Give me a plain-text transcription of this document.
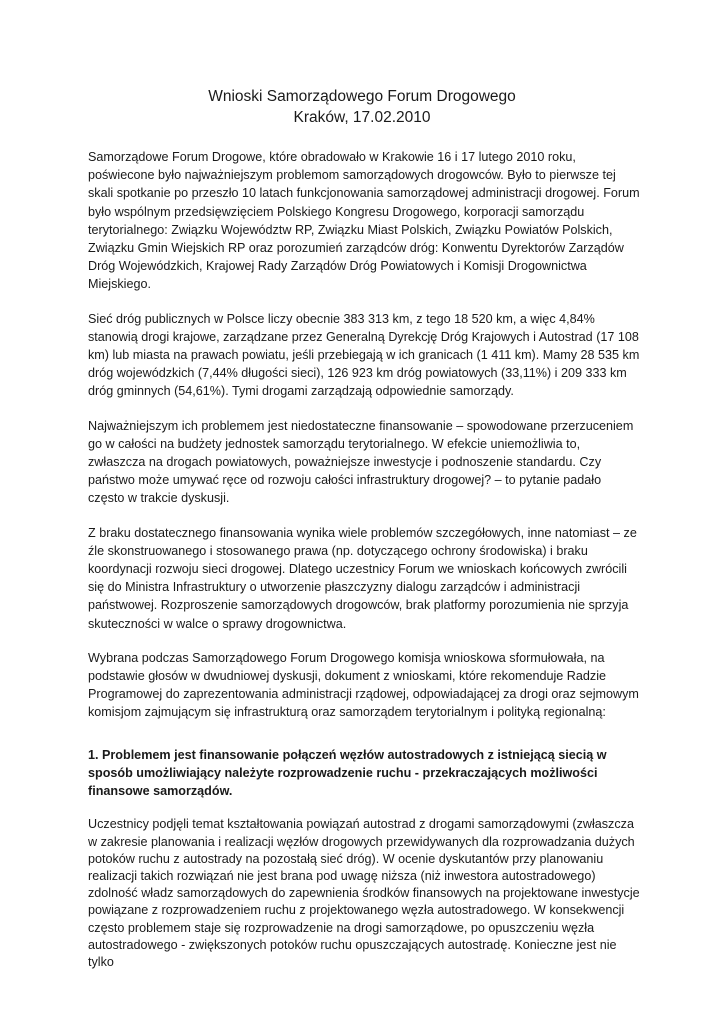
Wnioski Samorządowego Forum Drogowego
Kraków, 17.02.2010

Samorządowe Forum Drogowe, które obradowało w Krakowie 16 i 17 lutego 2010 roku, poświecone było najważniejszym problemom samorządowych drogowców. Było to pierwsze tej skali spotkanie po przeszło 10 latach funkcjonowania samorządowej administracji drogowej. Forum było wspólnym przedsięwzięciem Polskiego Kongresu Drogowego, korporacji samorządu terytorialnego: Związku Województw RP, Związku Miast Polskich, Związku Powiatów Polskich, Związku Gmin Wiejskich RP oraz porozumień zarządców dróg: Konwentu Dyrektorów Zarządów Dróg Wojewódzkich, Krajowej Rady Zarządów Dróg Powiatowych i Komisji Drogownictwa Miejskiego.

Sieć dróg publicznych w Polsce liczy obecnie 383 313 km, z tego 18 520 km, a więc 4,84% stanowią drogi krajowe, zarządzane przez Generalną Dyrekcję Dróg Krajowych i Autostrad (17 108 km) lub miasta na prawach powiatu, jeśli przebiegają w ich granicach (1 411 km). Mamy 28 535 km dróg wojewódzkich (7,44% długości sieci), 126 923 km dróg powiatowych (33,11%) i 209 333 km dróg gminnych (54,61%). Tymi drogami zarządzają odpowiednie samorządy.

Najważniejszym ich problemem jest niedostateczne finansowanie – spowodowane przerzuceniem go w całości na budżety jednostek samorządu terytorialnego. W efekcie uniemożliwia to, zwłaszcza na drogach powiatowych, poważniejsze inwestycje i podnoszenie standardu. Czy państwo może umywać ręce od rozwoju całości infrastruktury drogowej? – to pytanie padało często w trakcie dyskusji.

Z braku dostatecznego finansowania wynika wiele problemów szczegółowych, inne natomiast – ze źle skonstruowanego i stosowanego prawa (np. dotyczącego ochrony środowiska) i braku koordynacji rozwoju sieci drogowej. Dlatego uczestnicy Forum we wnioskach końcowych zwrócili się do Ministra Infrastruktury o utworzenie płaszczyzny dialogu zarządców i administracji państwowej. Rozproszenie samorządowych drogowców, brak platformy porozumienia nie sprzyja skuteczności w walce o sprawy drogownictwa.

Wybrana podczas Samorządowego Forum Drogowego komisja wnioskowa sformułowała, na podstawie głosów w dwudniowej dyskusji, dokument z wnioskami, które rekomenduje Radzie Programowej do zaprezentowania administracji rządowej, odpowiadającej za drogi oraz sejmowym komisjom zajmującym się infrastrukturą oraz samorządem terytorialnym i polityką regionalną:

1. Problemem jest finansowanie połączeń węzłów autostradowych z istniejącą siecią w sposób umożliwiający należyte rozprowadzenie ruchu - przekraczających możliwości finansowe samorządów.

Uczestnicy podjęli temat kształtowania powiązań autostrad z drogami samorządowymi (zwłaszcza w zakresie planowania i realizacji węzłów drogowych przewidywanych dla rozprowadzania dużych potoków ruchu z autostrady na pozostałą sieć dróg). W ocenie dyskutantów przy planowaniu realizacji takich rozwiązań nie jest brana pod uwagę niższa (niż inwestora autostradowego) zdolność władz samorządowych do zapewnienia środków finansowych na projektowane inwestycje powiązane z rozprowadzeniem ruchu z projektowanego węzła autostradowego. W konsekwencji często problemem staje się rozprowadzenie na drogi samorządowe, po opuszczeniu węzła autostradowego - zwiększonych potoków ruchu opuszczających autostradę. Konieczne jest nie tylko
